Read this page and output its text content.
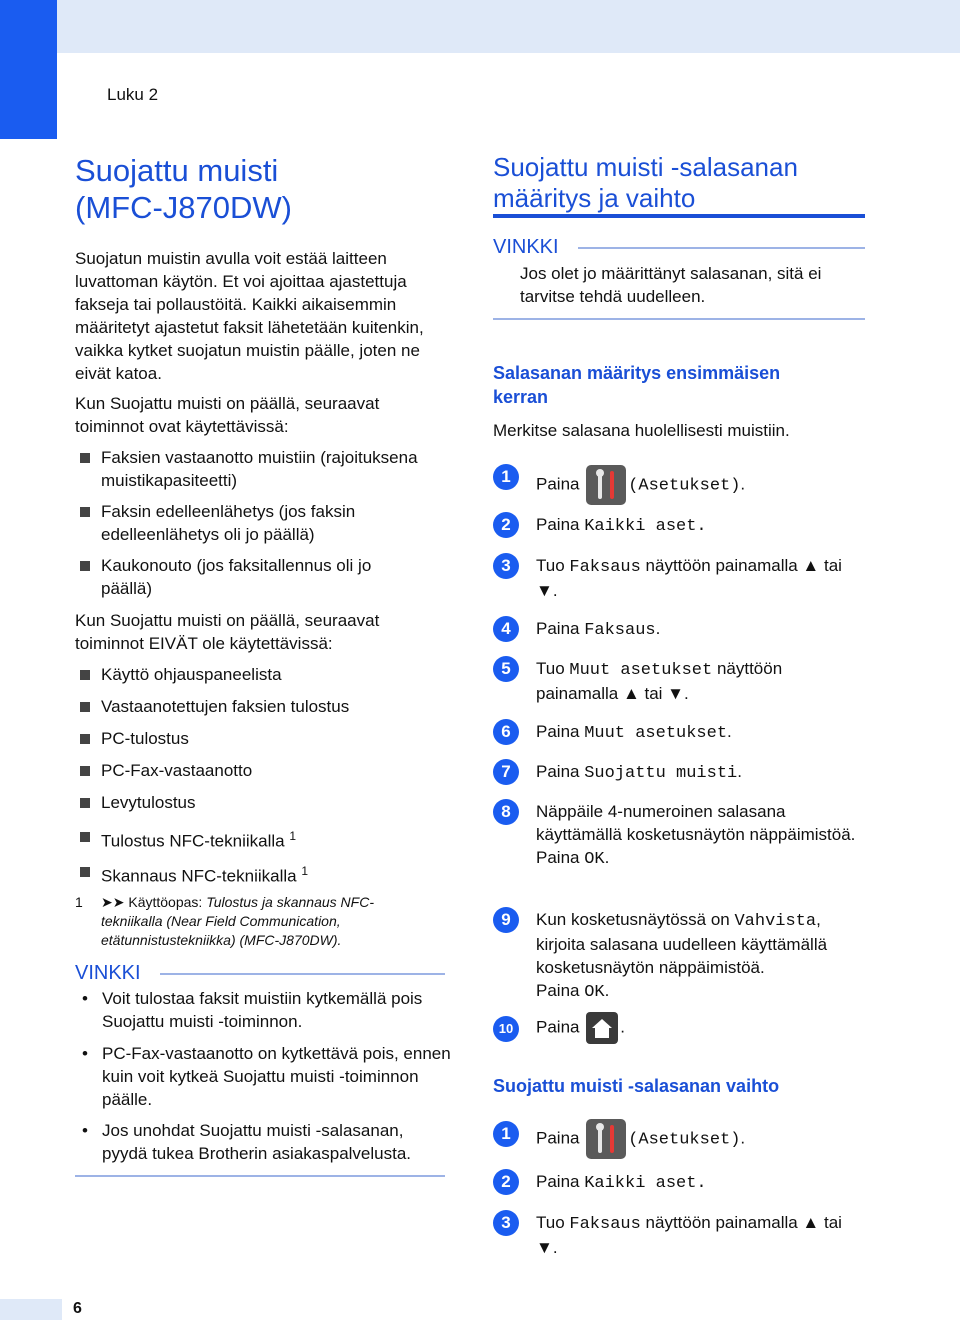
Luku 2
Suojattu muisti
(MFC-J870DW)

Suojatun muistin avulla voit estää laitteen luvattoman käytön. Et voi ajoittaa ajastettuja fakseja tai pollaustöitä. Kaikki aikaisemmin määritetyt ajastetut faksit lähetetään kuitenkin, vaikka kytket suojatun muistin päälle, joten ne eivät katoa.

Kun Suojattu muisti on päällä, seuraavat toiminnot ovat käytettävissä:

Faksien vastaanotto muistiin (rajoituksena muistikapasiteetti)
Faksin edelleenlähetys (jos faksin edelleenlähetys oli jo päällä)
Kaukonouto (jos faksitallennus oli jo päällä)

Kun Suojattu muisti on päällä, seuraavat toiminnot EIVÄT ole käytettävissä:

Käyttö ohjauspaneelista
Vastaanotettujen faksien tulostus
PC-tulostus
PC-Fax-vastaanotto
Levytulostus
Tulostus NFC-tekniikalla $^1$
Skannaus NFC-tekniikalla $^1$
1 ➤➤ Käyttöopas: Tulostus ja skannaus NFC-tekniikalla (Near Field Communication, etätunnistustekniikka) (MFC-J870DW).
VINKKI
• Voit tulostaa faksit muistiin kytkemällä pois Suojattu muisti -toiminnon.
• PC-Fax-vastaanotto on kytkettävä pois, ennen kuin voit kytkeä Suojattu muisti -toiminnon päälle.
• Jos unohdat Suojattu muisti -salasanan, pyydä tukea Brotherin asiakaspalvelusta.
Suojattu muisti -salasanan
määritys ja vaihto
VINKKI

Jos olet jo määrittänyt salasanan, sitä ei tarvitse tehdä uudelleen.

Salasanan määritys ensimmäisen
kerran

Merkitse salasana huolellisesti muistiin.

1	Paina	(Asetukset).
2	Paina Kaikki aset.
3	Tuo Faksaus näyttöön painamalla ▲ tai ▼.
4	Paina Faksaus.
5	Tuo Muut asetukset näyttöön painamalla ▲ tai ▼.
6	Paina Muut asetukset.
7	Paina Suojattu muisti.
8	Näppäile 4-numeroinen salasana käyttämällä kosketusnäytön näppäimistöä.
Paina OK.
9	Kun kosketusnäytössä on Vahvista, kirjoita salasana uudelleen käyttämällä kosketusnäytön näppäimistöä.
Paina OK.
10	Paina .
Suojattu muisti -salasanan vaihto
1	Paina	(Asetukset).
2	Paina Kaikki aset.
3	Tuo Faksaus näyttöön painamalla ▲ tai ▼.
6
